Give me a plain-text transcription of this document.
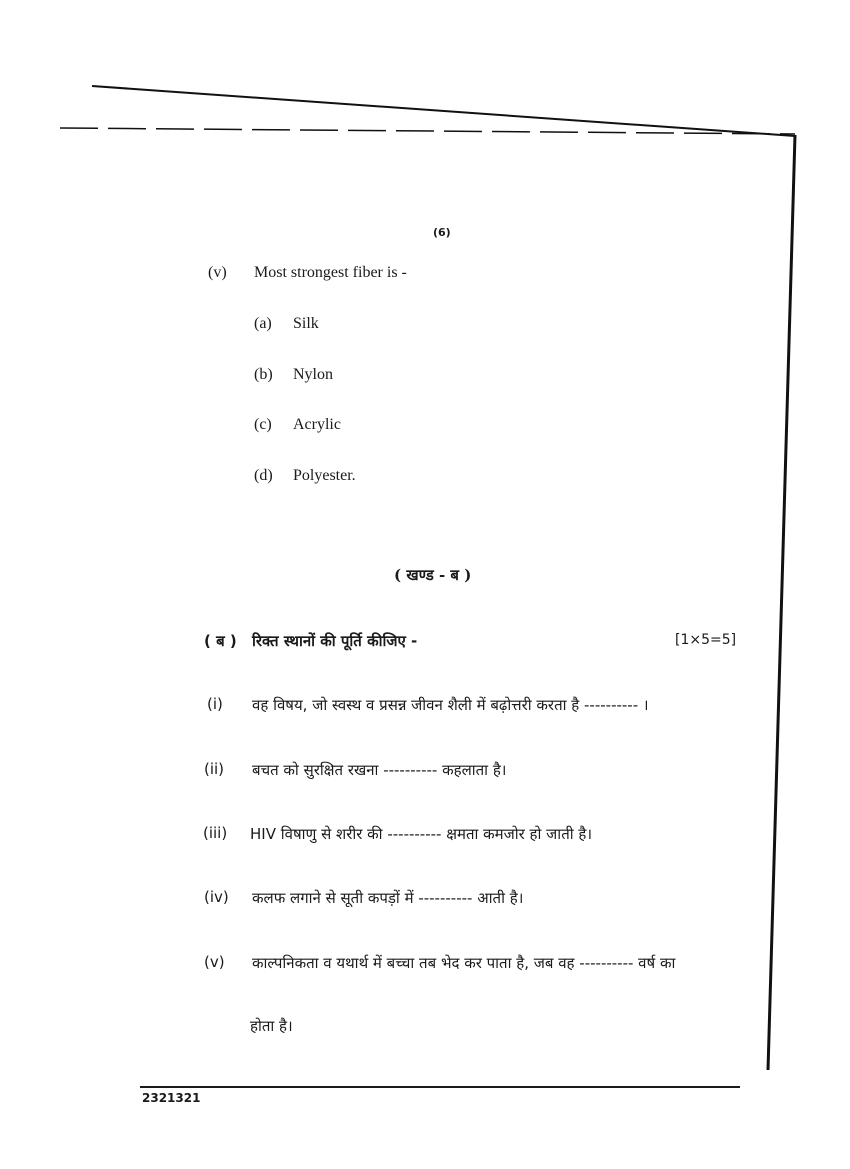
(6)
(v) Most strongest fiber is -
(a) Silk
(b) Nylon
(c) Acrylic
(d) Polyester.
( खण्ड - ब )
( ब ) रिक्त स्थानों की पूर्ति कीजिए -	[1×5=5]
(i)	वह विषय, जो स्वस्थ व प्रसन्न जीवन शैली में बढ़ोत्तरी करता है ---------- ।
(ii)	बचत को सुरक्षित रखना ---------- कहलाता है।
(iii)	HIV विषाणु से शरीर की ---------- क्षमता कमजोर हो जाती है।
(iv)	कलफ लगाने से सूती कपड़ों में ---------- आती है।
(v)	काल्पनिकता व यथार्थ में बच्चा तब भेद कर पाता है, जब वह ---------- वर्ष का
होता है।
2321321
